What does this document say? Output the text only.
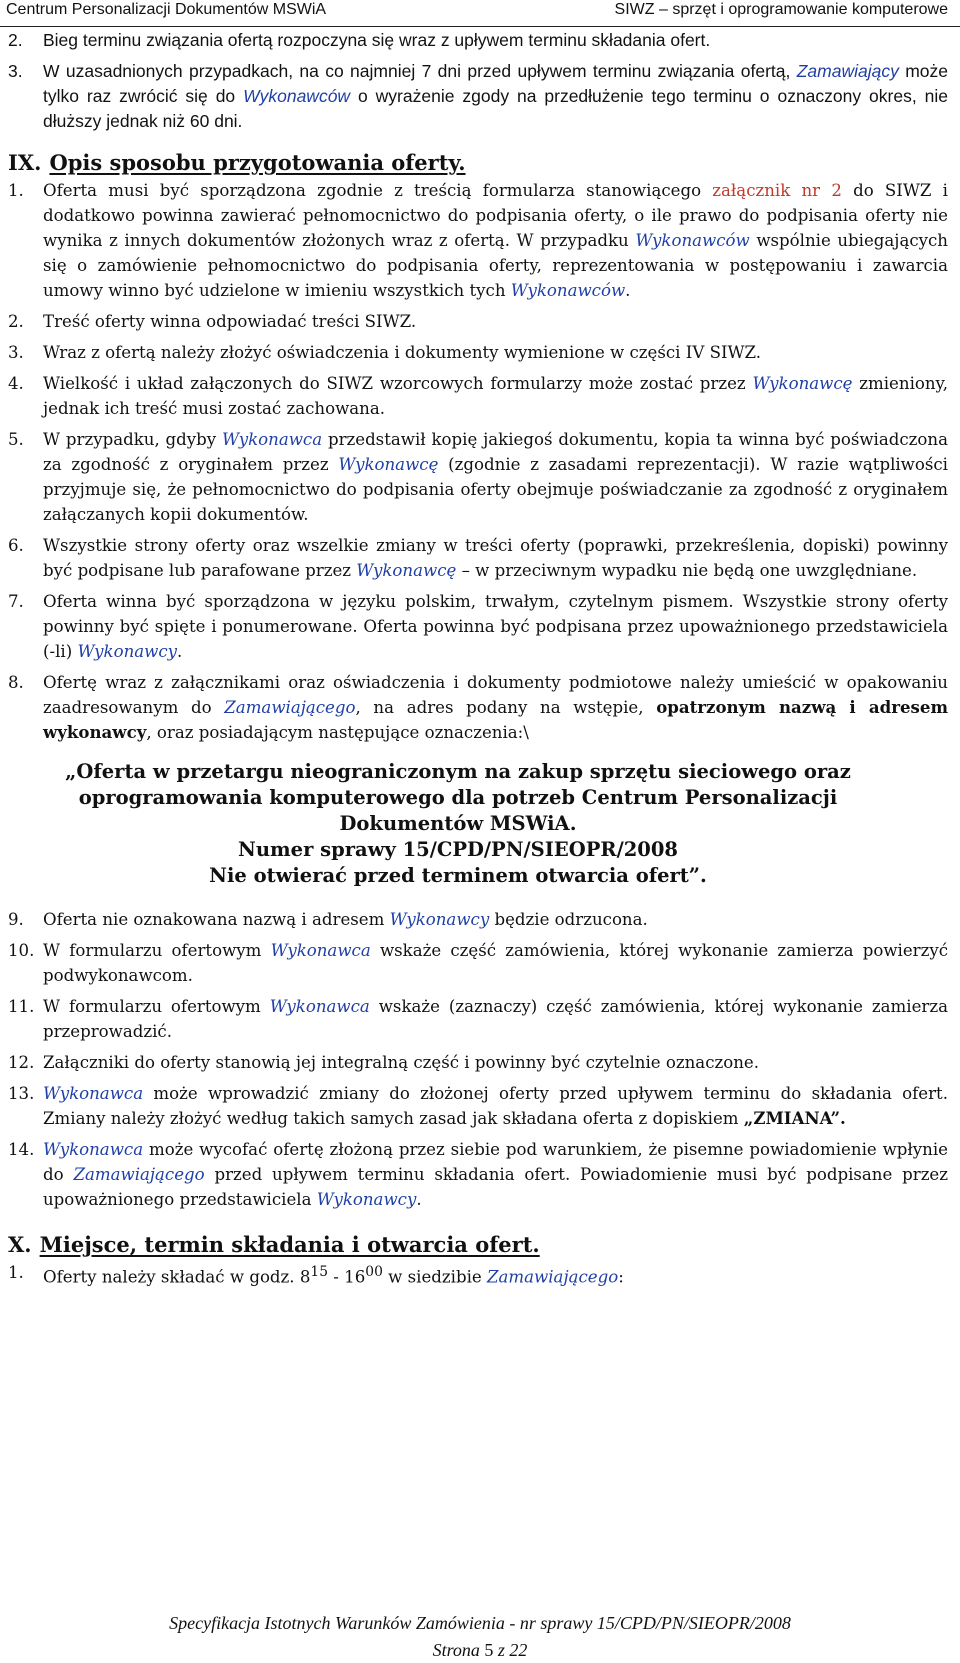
Centrum Personalizacji Dokumentów MSWiA	SIWZ – sprzęt i oprogramowanie komputerowe
2.	Bieg terminu związania ofertą rozpoczyna się wraz z upływem terminu składania ofert.
3.	W uzasadnionych przypadkach, na co najmniej 7 dni przed upływem terminu związania ofertą, Zamawiający może tylko raz zwrócić się do Wykonawców o wyrażenie zgody na przedłużenie tego terminu o oznaczony okres, nie dłuższy jednak niż 60 dni.
IX. Opis sposobu przygotowania oferty.
1.	Oferta musi być sporządzona zgodnie z treścią formularza stanowiącego załącznik nr 2 do SIWZ i dodatkowo powinna zawierać pełnomocnictwo do podpisania oferty, o ile prawo do podpisania oferty nie wynika z innych dokumentów złożonych wraz z ofertą. W przypadku Wykonawców wspólnie ubiegających się o zamówienie pełnomocnictwo do podpisania oferty, reprezentowania w postępowaniu i zawarcia umowy winno być udzielone w imieniu wszystkich tych Wykonawców.
2.	Treść oferty winna odpowiadać treści SIWZ.
3.	Wraz z ofertą należy złożyć oświadczenia i dokumenty wymienione w części IV SIWZ.
4.	Wielkość i układ załączonych do SIWZ wzorcowych formularzy może zostać przez Wykonawcę zmieniony, jednak ich treść musi zostać zachowana.
5.	W przypadku, gdyby Wykonawca przedstawił kopię jakiegoś dokumentu, kopia ta winna być poświadczona za zgodność z oryginałem przez Wykonawcę (zgodnie z zasadami reprezentacji). W razie wątpliwości przyjmuje się, że pełnomocnictwo do podpisania oferty obejmuje poświadczanie za zgodność z oryginałem załączanych kopii dokumentów.
6.	Wszystkie strony oferty oraz wszelkie zmiany w treści oferty (poprawki, przekreślenia, dopiski) powinny być podpisane lub parafowane przez Wykonawcę – w przeciwnym wypadku nie będą one uwzględniane.
7.	Oferta winna być sporządzona w języku polskim, trwałym, czytelnym pismem. Wszystkie strony oferty powinny być spięte i ponumerowane. Oferta powinna być podpisana przez upoważnionego przedstawiciela (-li) Wykonawcy.
8.	Ofertę wraz z załącznikami oraz oświadczenia i dokumenty podmiotowe należy umieścić w opakowaniu zaadresowanym do Zamawiającego, na adres podany na wstępie, opatrzonym nazwą i adresem wykonawcy, oraz posiadającym następujące oznaczenia:\
„Oferta w przetargu nieograniczonym na zakup sprzętu sieciowego oraz oprogramowania komputerowego dla potrzeb Centrum Personalizacji Dokumentów MSWiA.
Numer sprawy 15/CPD/PN/SIEOPR/2008
Nie otwierać przed terminem otwarcia ofert”.
9.	Oferta nie oznakowana nazwą i adresem Wykonawcy będzie odrzucona.
10. W formularzu ofertowym Wykonawca wskaże część zamówienia, której wykonanie zamierza powierzyć podwykonawcom.
11. W formularzu ofertowym Wykonawca wskaże (zaznaczy) część zamówienia, której wykonanie zamierza przeprowadzić.
12. Załączniki do oferty stanowią jej integralną część i powinny być czytelnie oznaczone.
13. Wykonawca może wprowadzić zmiany do złożonej oferty przed upływem terminu do składania ofert. Zmiany należy złożyć według takich samych zasad jak składana oferta z dopiskiem „ZMIANA”.
14. Wykonawca może wycofać ofertę złożoną przez siebie pod warunkiem, że pisemne powiadomienie wpłynie do Zamawiającego przed upływem terminu składania ofert. Powiadomienie musi być podpisane przez upoważnionego przedstawiciela Wykonawcy.
X. Miejsce, termin składania i otwarcia ofert.
1.	Oferty należy składać w godz. $8^{15} - 16^{00}$ w siedzibie Zamawiającego:
Specyfikacja Istotnych Warunków Zamówienia - nr sprawy 15/CPD/PN/SIEOPR/2008
Strona 5 z 22
